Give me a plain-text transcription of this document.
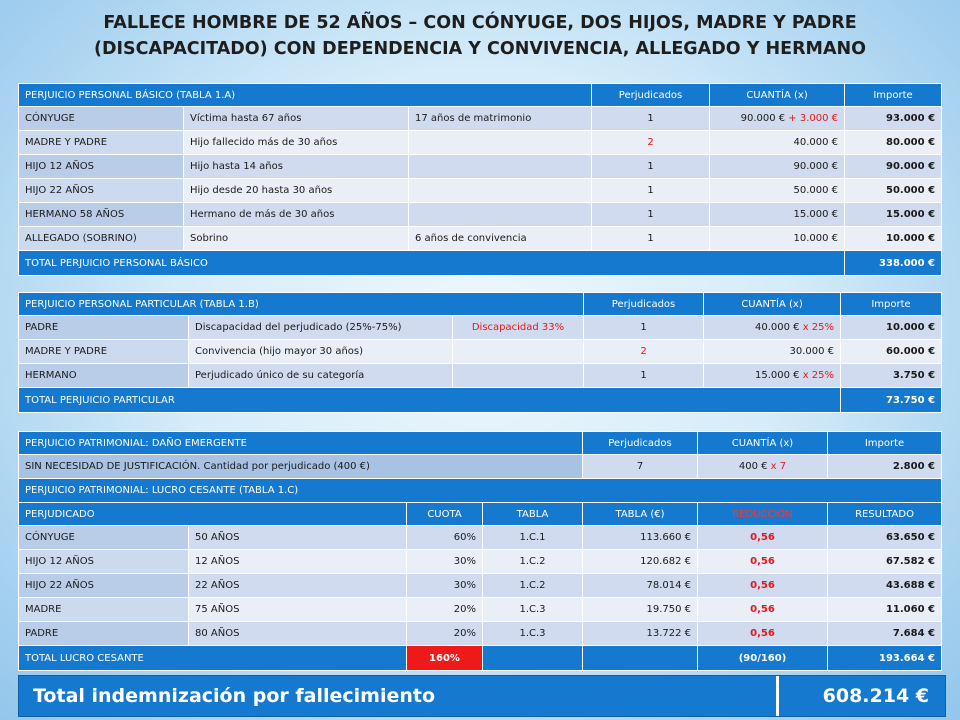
FALLECE HOMBRE DE 52 AÑOS – CON CÓNYUGE, DOS HIJOS, MADRE Y PADRE
(DISCAPACITADO) CON DEPENDENCIA Y CONVIVENCIA, ALLEGADO Y HERMANO
PERJUICIO PERSONAL BÁSICO (TABLA 1.A)			Perjudicados	CUANTÍA (x)	Importe
CÓNYUGE	Víctima hasta 67 años	17 años de matrimonio	1	90.000 € + 3.000 €	93.000 €
MADRE Y PADRE	Hijo fallecido más de 30 años		2	40.000 €	80.000 €
HIJO 12 AÑOS	Hijo hasta 14 años		1	90.000 €	90.000 €
HIJO 22 AÑOS	Hijo desde 20 hasta 30 años		1	50.000 €	50.000 €
HERMANO 58 AÑOS	Hermano de más de 30 años		1	15.000 €	15.000 €
ALLEGADO (SOBRINO)	Sobrino	6 años de convivencia	1	10.000 €	10.000 €
TOTAL PERJUICIO PERSONAL BÁSICO					338.000 €
PERJUICIO PERSONAL PARTICULAR (TABLA 1.B)			Perjudicados	CUANTÍA (x)	Importe
PADRE	Discapacidad del perjudicado (25%-75%)	Discapacidad 33%	1	40.000 € x 25%	10.000 €
MADRE Y PADRE	Convivencia (hijo mayor 30 años)		2	30.000 €	60.000 €
HERMANO	Perjudicado único de su categoría		1	15.000 € x 25%	3.750 €
TOTAL PERJUICIO PARTICULAR					73.750 €
PERJUICIO PATRIMONIAL: DAÑO EMERGENTE				Perjudicados	CUANTÍA (x)	Importe
SIN NECESIDAD DE JUSTIFICACIÓN. Cantidad por perjudicado (400 €)				7	400 € x 7	2.800 €
PERJUICIO PATRIMONIAL: LUCRO CESANTE (TABLA 1.C)						
PERJUDICADO		CUOTA	TABLA	TABLA (€)	REDUCCIÓN	RESULTADO
CÓNYUGE	50 AÑOS	60%	1.C.1	113.660 €	0,56	63.650 €
HIJO 12 AÑOS	12 AÑOS	30%	1.C.2	120.682 €	0,56	67.582 €
HIJO 22 AÑOS	22 AÑOS	30%	1.C.2	78.014 €	0,56	43.688 €
MADRE	75 AÑOS	20%	1.C.3	19.750 €	0,56	11.060 €
PADRE	80 AÑOS	20%	1.C.3	13.722 €	0,56	7.684 €
TOTAL LUCRO CESANTE		160%			(90/160)	193.664 €
Total indemnización por fallecimiento	608.214 €
